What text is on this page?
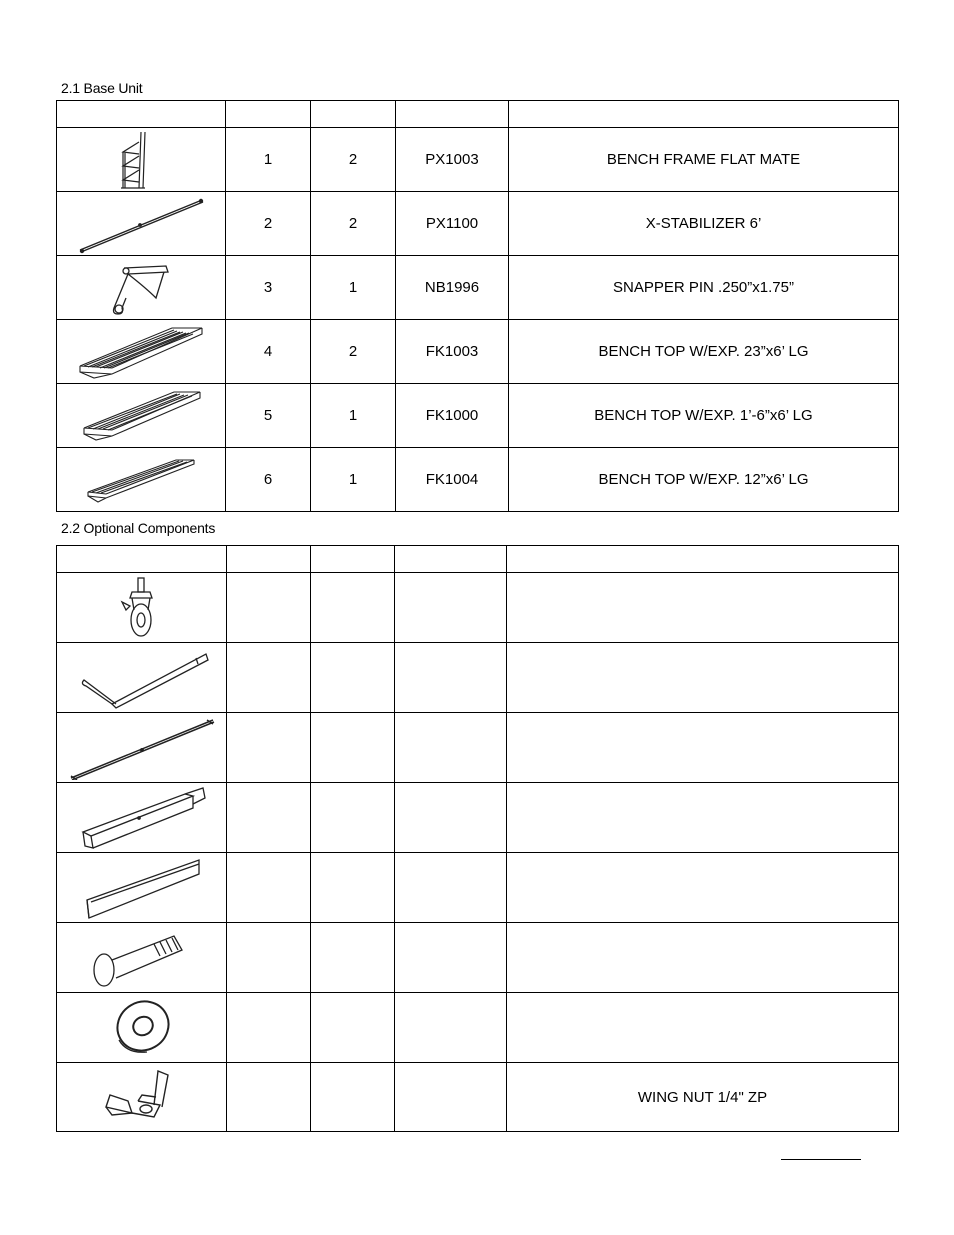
2.1 Base Unit

	1	2	PX1003	BENCH FRAME FLAT MATE

	2	2	PX1100	X-STABILIZER 6’

	3	1	NB1996	SNAPPER PIN .250”x1.75”

	4	2	FK1003	BENCH TOP W/EXP. 23”x6’ LG

	5	1	FK1000	BENCH TOP W/EXP. 1’-6”x6’ LG

	6	1	FK1004	BENCH TOP W/EXP. 12”x6’ LG
2.2 Optional Components

				WING NUT 1/4" ZP
